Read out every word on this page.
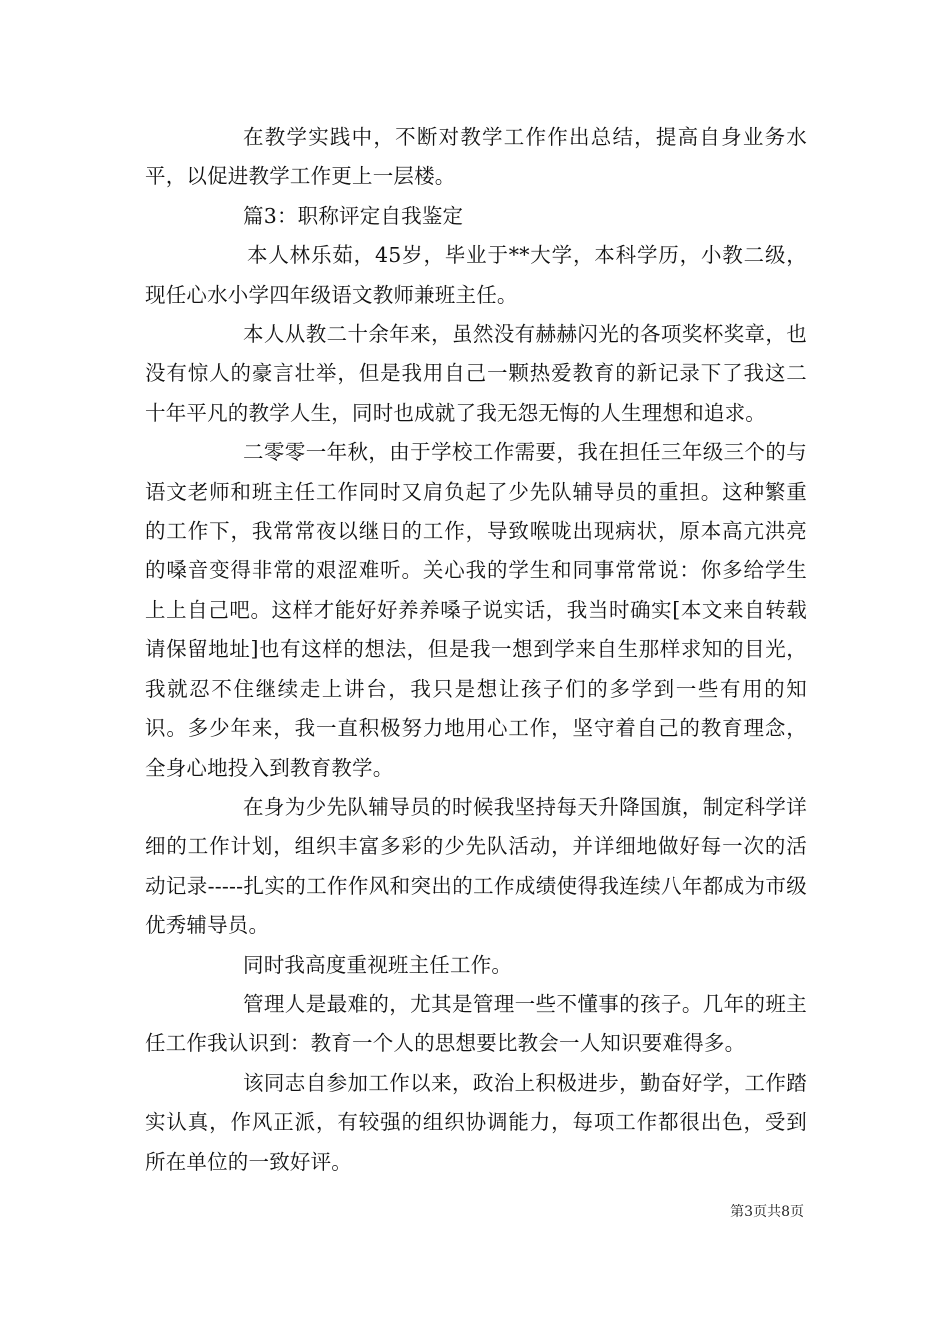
在教学实践中，不断对教学工作作出总结，提高自身业务水平，以促进教学工作更上一层楼。

篇3：职称评定自我鉴定

本人林乐茹，45岁，毕业于**大学，本科学历，小教二级，现任心水小学四年级语文教师兼班主任。

本人从教二十余年来，虽然没有赫赫闪光的各项奖杯奖章，也没有惊人的豪言壮举，但是我用自己一颗热爱教育的新记录下了我这二十年平凡的教学人生，同时也成就了我无怨无悔的人生理想和追求。

二零零一年秋，由于学校工作需要，我在担任三年级三个的与语文老师和班主任工作同时又肩负起了少先队辅导员的重担。这种繁重的工作下，我常常夜以继日的工作，导致喉咙出现病状，原本高亢洪亮的嗓音变得非常的艰涩难听。关心我的学生和同事常常说：你多给学生上上自己吧。这样才能好好养养嗓子说实话，我当时确实[本文来自转载请保留地址]也有这样的想法，但是我一想到学来自生那样求知的目光，我就忍不住继续走上讲台，我只是想让孩子们的多学到一些有用的知识。多少年来，我一直积极努力地用心工作，坚守着自己的教育理念，全身心地投入到教育教学。

在身为少先队辅导员的时候我坚持每天升降国旗，制定科学详细的工作计划，组织丰富多彩的少先队活动，并详细地做好每一次的活动记录-----扎实的工作作风和突出的工作成绩使得我连续八年都成为市级优秀辅导员。

同时我高度重视班主任工作。

管理人是最难的，尤其是管理一些不懂事的孩子。几年的班主任工作我认识到：教育一个人的思想要比教会一人知识要难得多。

该同志自参加工作以来，政治上积极进步，勤奋好学，工作踏实认真，作风正派，有较强的组织协调能力，每项工作都很出色，受到所在单位的一致好评。

第3页共8页
